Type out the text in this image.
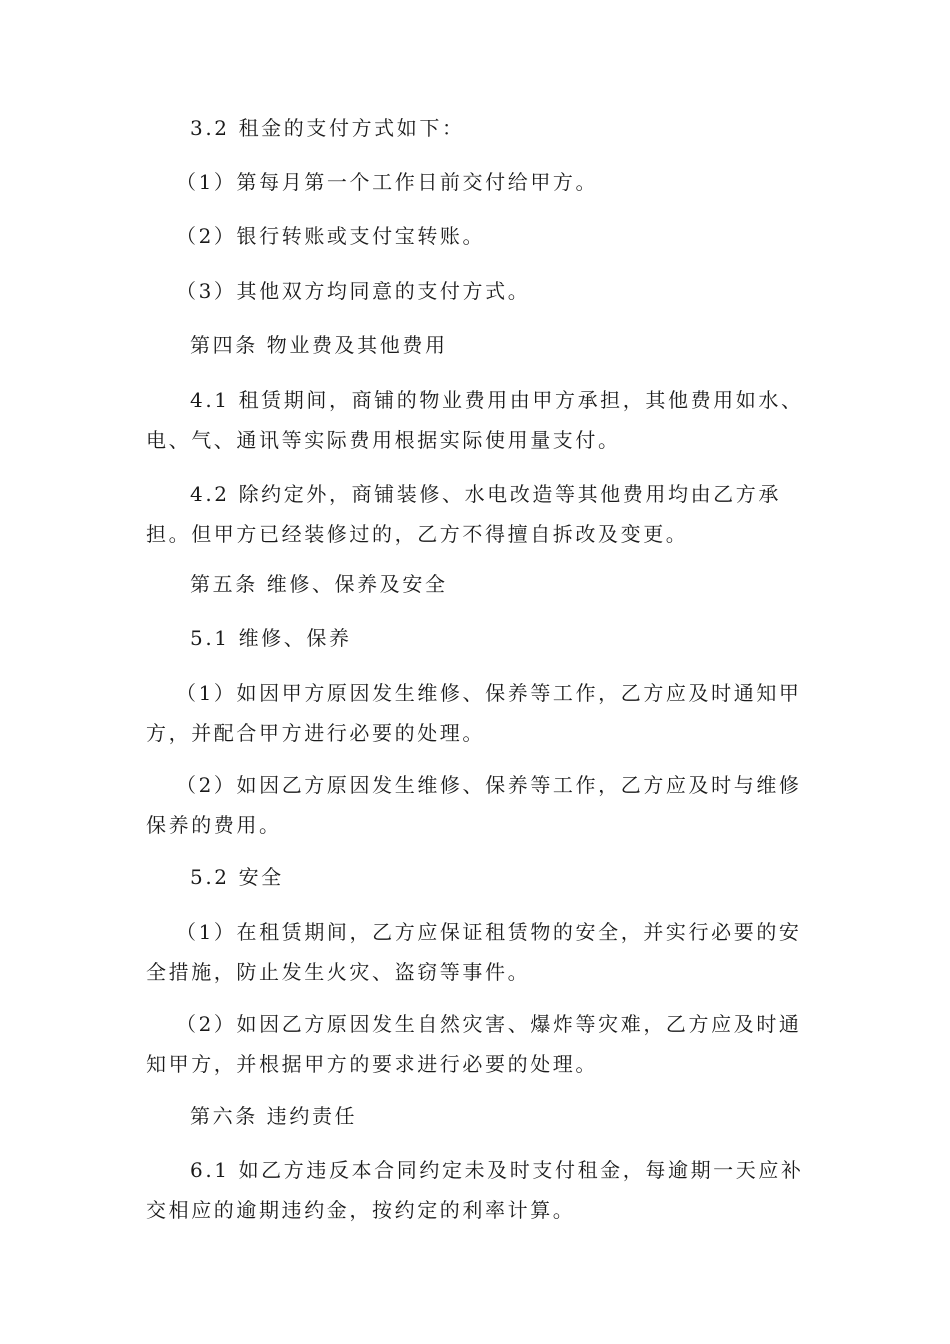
3.2 租金的支付方式如下：

（1）第每月第一个工作日前交付给甲方。

（2）银行转账或支付宝转账。

（3）其他双方均同意的支付方式。

第四条 物业费及其他费用

4.1 租赁期间，商铺的物业费用由甲方承担，其他费用如水、电、气、通讯等实际费用根据实际使用量支付。

4.2 除约定外，商铺装修、水电改造等其他费用均由乙方承担。但甲方已经装修过的，乙方不得擅自拆改及变更。

第五条 维修、保养及安全

5.1 维修、保养

（1）如因甲方原因发生维修、保养等工作，乙方应及时通知甲方，并配合甲方进行必要的处理。

（2）如因乙方原因发生维修、保养等工作，乙方应及时与维修保养的费用。

5.2 安全

（1）在租赁期间，乙方应保证租赁物的安全，并实行必要的安全措施，防止发生火灾、盗窃等事件。

（2）如因乙方原因发生自然灾害、爆炸等灾难，乙方应及时通知甲方，并根据甲方的要求进行必要的处理。

第六条 违约责任

6.1 如乙方违反本合同约定未及时支付租金，每逾期一天应补交相应的逾期违约金，按约定的利率计算。
